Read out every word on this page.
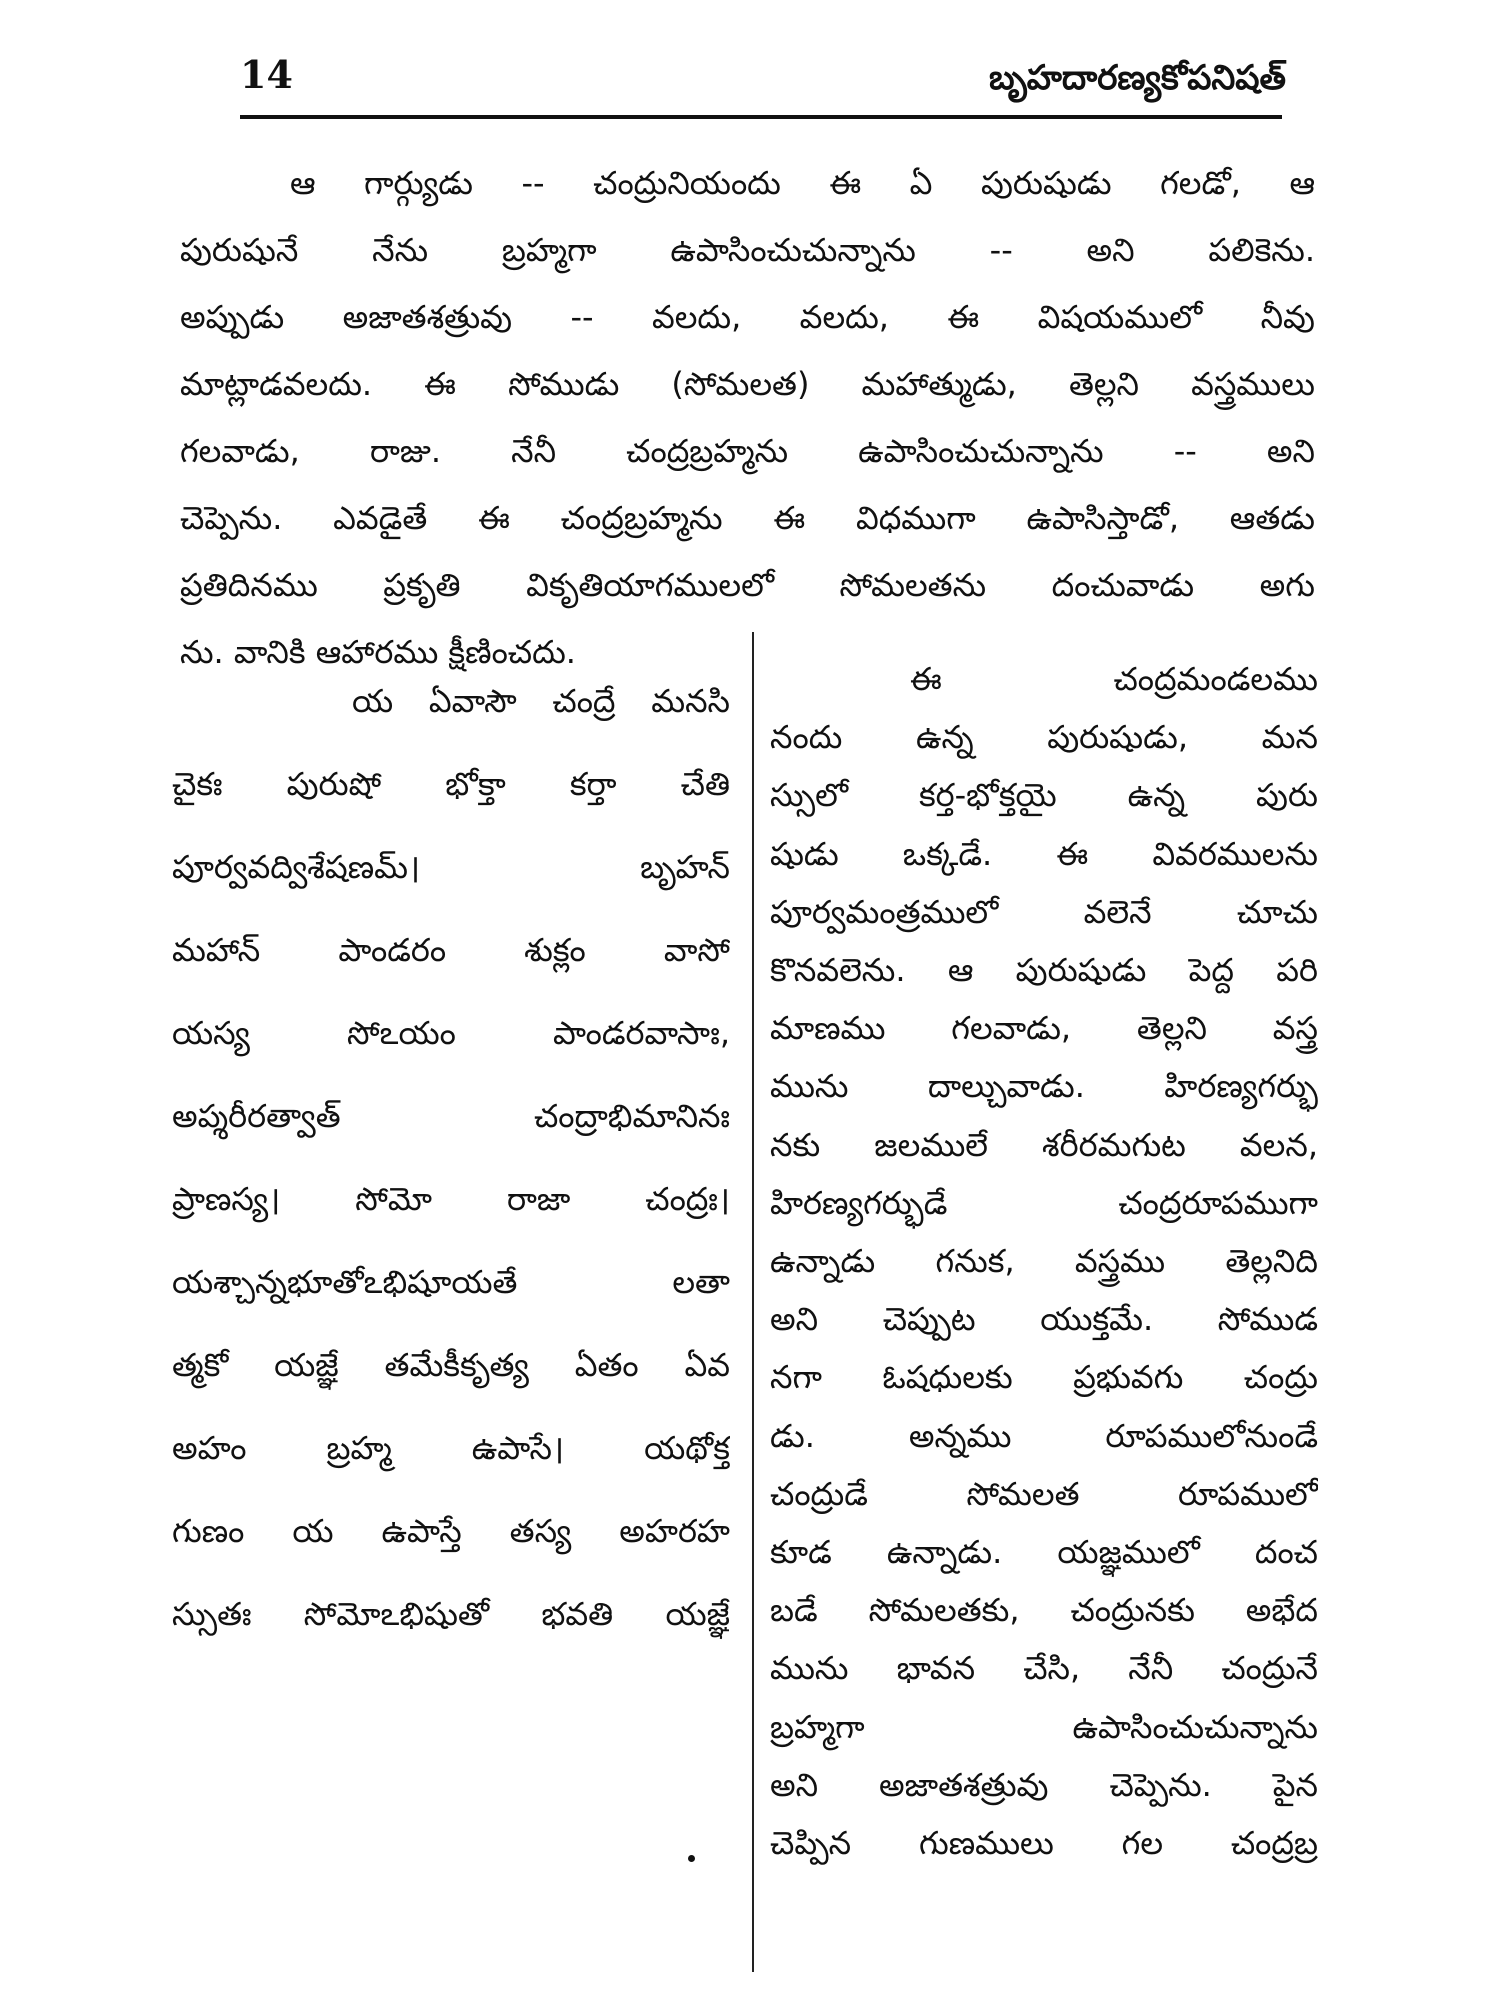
14	బృహదారణ్యకోపనిషత్
ఆ గార్గ్యుడు -- చంద్రునియందు ఈ ఏ పురుషుడు గలడో, ఆ
పురుషునే నేను బ్రహ్మగా ఉపాసించుచున్నాను -- అని పలికెను.
అప్పుడు అజాతశత్రువు -- వలదు, వలదు, ఈ విషయములో నీవు
మాట్లాడవలదు. ఈ సోముడు (సోమలత) మహాత్ముడు, తెల్లని వస్త్రములు
గలవాడు, రాజు. నేనీ చంద్రబ్రహ్మను ఉపాసించుచున్నాను -- అని
చెప్పెను. ఎవడైతే ఈ చంద్రబ్రహ్మను ఈ విధముగా ఉపాసిస్తాడో, ఆతడు
ప్రతిదినము ప్రకృతి వికృతియాగములలో సోమలతను దంచువాడు అగు
ను. వానికి ఆహారము క్షీణించదు.
య ఏవాసౌ చంద్రే మనసి
చైకః పురుషో భోక్తా కర్తా చేతి
పూర్వవద్విశేషణమ్। బృహన్
మహాన్ పాండరం శుక్లం వాసో
యస్య సోఽయం పాండరవాసాః,
అప్శరీరత్వాత్ చంద్రాభిమానినః
ప్రాణస్య। సోమో రాజా చంద్రః।
యశ్చాన్నభూతోఽభిషూయతే లతా
త్మకో యజ్ఞే తమేకీకృత్య ఏతం ఏవ
అహం బ్రహ్మ ఉపాసే। యథోక్త
గుణం య ఉపాస్తే తస్య అహరహ
స్సుతః సోమోఽభిషుతో భవతి యజ్ఞే
ఈ చంద్రమండలము
నందు ఉన్న పురుషుడు, మన
స్సులో కర్త-భోక్తయై ఉన్న పురు
షుడు ఒక్కడే. ఈ వివరములను
పూర్వమంత్రములో వలెనే చూచు
కొనవలెను. ఆ పురుషుడు పెద్ద పరి
మాణము గలవాడు, తెల్లని వస్త్ర
మును దాల్చువాడు. హిరణ్యగర్భు
నకు జలములే శరీరమగుట వలన,
హిరణ్యగర్భుడే చంద్రరూపముగా
ఉన్నాడు గనుక, వస్త్రము తెల్లనిది
అని చెప్పుట యుక్తమే. సోముడ
నగా ఓషధులకు ప్రభువగు చంద్రు
డు. అన్నము రూపములోనుండే
చంద్రుడే సోమలత రూపములో
కూడ ఉన్నాడు. యజ్ఞములో దంచ
బడే సోమలతకు, చంద్రునకు అభేద
మును భావన చేసి, నేనీ చంద్రునే
బ్రహ్మగా ఉపాసించుచున్నాను
అని అజాతశత్రువు చెప్పెను. పైన
చెప్పిన గుణములు గల చంద్రబ్ర
